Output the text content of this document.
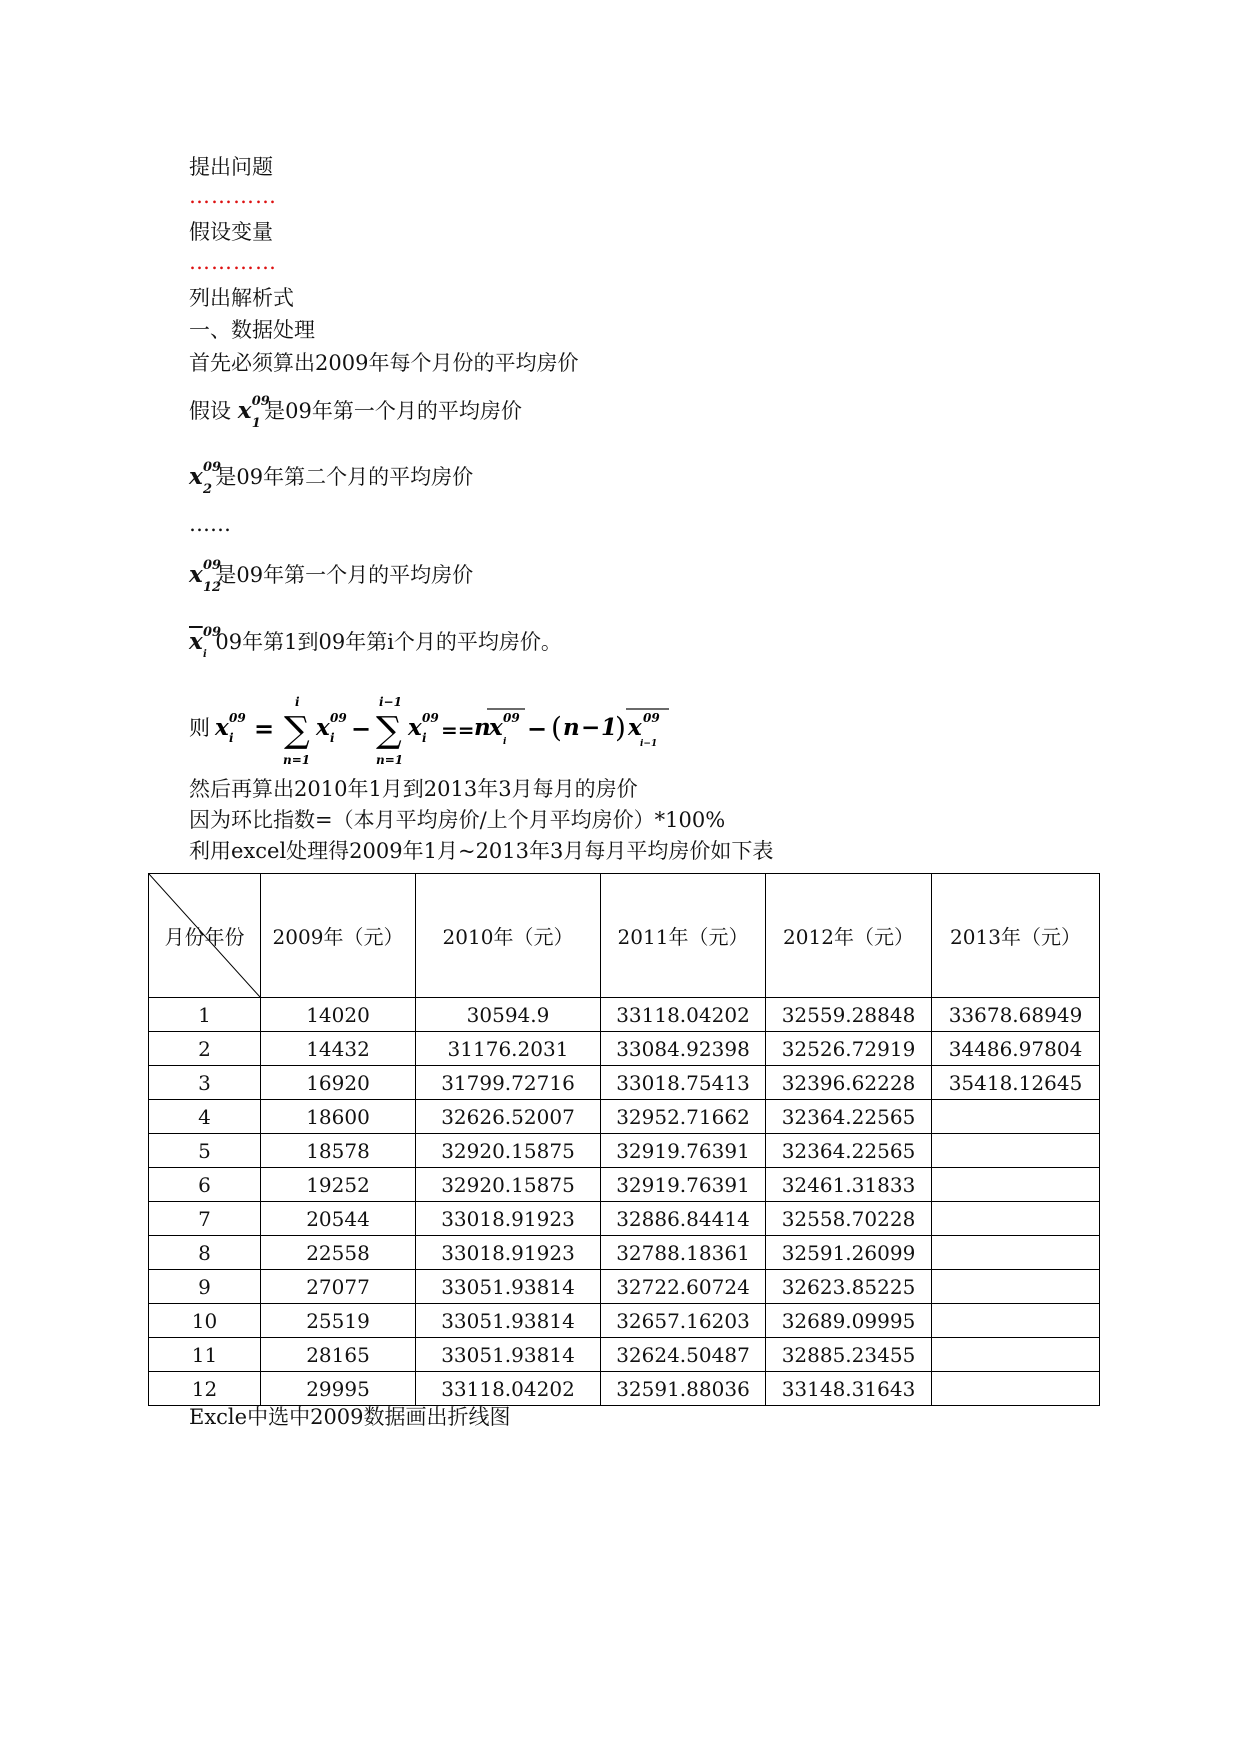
提出问题
…………
假设变量
…………
列出解析式
一、数据处理
首先必须算出2009年每个月份的平均房价
假设 x 09
1
是09年第一个月的平均房价
x 09
2
是09年第二个月的平均房价
……
x 09
12
是09年第一个月的平均房价
x 09
i
09年第1到09年第i个月的平均房价。
则 x 09
i = ∑
i
n=1
x 09
i − ∑
i−1
n=1
x 09
i == n
x 09
i − ( n − 1
) x 09
i−1
然后再算出2010年1月到2013年3月每月的房价
因为环比指数=（本月平均房价/上个月平均房价）*100%
利用excel处理得2009年1月~2013年3月每月平均房价如下表
月份年份	2009年（元）	2010年（元）	2011年（元）	2012年（元）	2013年（元）
1	14020	30594.9	33118.04202	32559.28848	33678.68949
2	14432	31176.2031	33084.92398	32526.72919	34486.97804
3	16920	31799.72716	33018.75413	32396.62228	35418.12645
4	18600	32626.52007	32952.71662	32364.22565	
5	18578	32920.15875	32919.76391	32364.22565	
6	19252	32920.15875	32919.76391	32461.31833	
7	20544	33018.91923	32886.84414	32558.70228	
8	22558	33018.91923	32788.18361	32591.26099	
9	27077	33051.93814	32722.60724	32623.85225	
10	25519	33051.93814	32657.16203	32689.09995	
11	28165	33051.93814	32624.50487	32885.23455	
12	29995	33118.04202	32591.88036	33148.31643	
Excle中选中2009数据画出折线图
